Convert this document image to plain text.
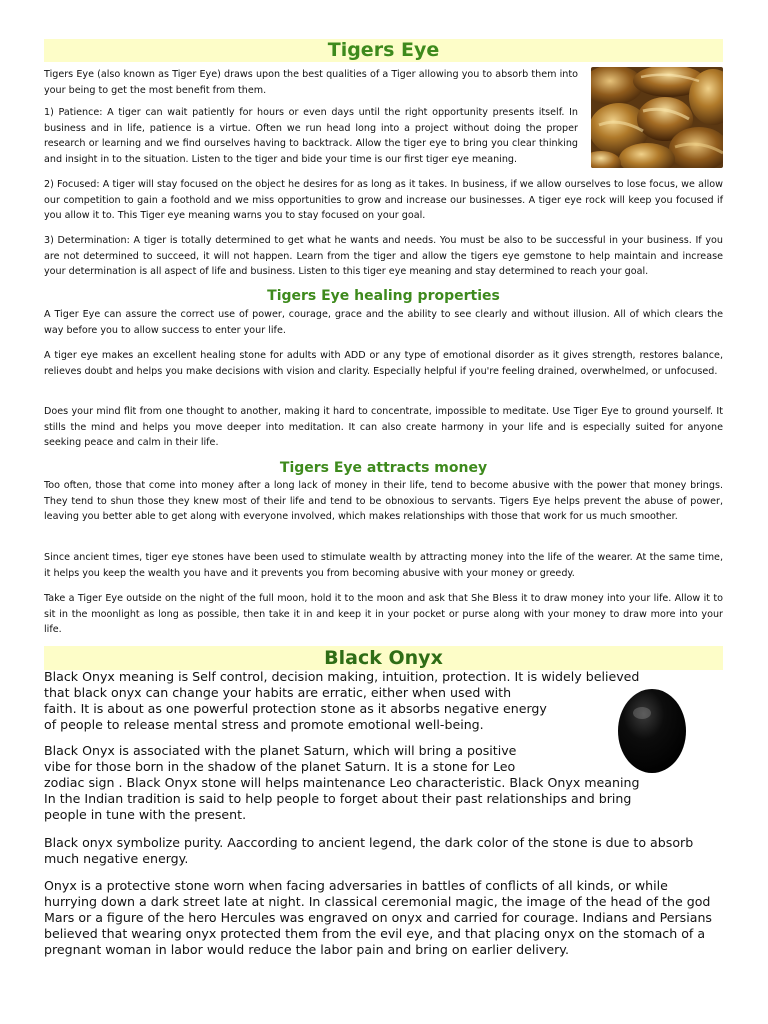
Tigers Eye

Tigers Eye (also known as Tiger Eye) draws upon the best qualities of a Tiger allowing you to absorb them into your being to get the most benefit from them.

1) Patience: A tiger can wait patiently for hours or even days until the right opportunity presents itself. In business and in life, patience is a virtue. Often we run head long into a project without doing the proper research or learning and we find ourselves having to backtrack. Allow the tiger eye to bring you clear thinking and insight in to the situation. Listen to the tiger and bide your time is our first tiger eye meaning.

2) Focused: A tiger will stay focused on the object he desires for as long as it takes. In business, if we allow ourselves to lose focus, we allow our competition to gain a foothold and we miss opportunities to grow and increase our businesses. A tiger eye rock will keep you focused if you allow it to. This Tiger eye meaning warns you to stay focused on your goal.

3) Determination: A tiger is totally determined to get what he wants and needs. You must be also to be successful in your business. If you are not determined to succeed, it will not happen. Learn from the tiger and allow the tigers eye gemstone to help maintain and increase your determination is all aspect of life and business. Listen to this tiger eye meaning and stay determined to reach your goal.

Tigers Eye healing properties

A Tiger Eye can assure the correct use of power, courage, grace and the ability to see clearly and without illusion. All of which clears the way before you to allow success to enter your life.

A tiger eye makes an excellent healing stone for adults with ADD or any type of emotional disorder as it gives strength, restores balance, relieves doubt and helps you make decisions with vision and clarity. Especially helpful if you're feeling drained, overwhelmed, or unfocused.

Does your mind flit from one thought to another, making it hard to concentrate, impossible to meditate. Use Tiger Eye to ground yourself. It stills the mind and helps you move deeper into meditation. It can also create harmony in your life and is especially suited for anyone seeking peace and calm in their life.

Tigers Eye attracts money

Too often, those that come into money after a long lack of money in their life, tend to become abusive with the power that money brings. They tend to shun those they knew most of their life and tend to be obnoxious to servants. Tigers Eye helps prevent the abuse of power, leaving you better able to get along with everyone involved, which makes relationships with those that work for us much smoother.

Since ancient times, tiger eye stones have been used to stimulate wealth by attracting money into the life of the wearer. At the same time, it helps you keep the wealth you have and it prevents you from becoming abusive with your money or greedy.

Take a Tiger Eye outside on the night of the full moon, hold it to the moon and ask that She Bless it to draw money into your life. Allow it to sit in the moonlight as long as possible, then take it in and keep it in your pocket or purse along with your money to draw more into your life.

Black Onyx
Black Onyx meaning is Self control, decision making, intuition, protection. It is widely believed
that black onyx can change your habits are erratic, either when used with
faith. It is about as one powerful protection stone as it absorbs negative energy
of people to release mental stress and promote emotional well-being.
Black Onyx is associated with the planet Saturn, which will bring a positive
vibe for those born in the shadow of the planet Saturn. It is a stone for Leo
zodiac sign . Black Onyx stone will helps maintenance Leo characteristic. Black Onyx meaning
In the Indian tradition is said to help people to forget about their past relationships and bring
people in tune with the present.

Black onyx symbolize purity. Aaccording to ancient legend, the dark color of the stone is due to absorb much negative energy.

Onyx is a protective stone worn when facing adversaries in battles of conflicts of all kinds, or while hurrying down a dark street late at night. In classical ceremonial magic, the image of the head of the god Mars or a figure of the hero Hercules was engraved on onyx and carried for courage. Indians and Persians believed that wearing onyx protected them from the evil eye, and that placing onyx on the stomach of a pregnant woman in labor would reduce the labor pain and bring on earlier delivery.
